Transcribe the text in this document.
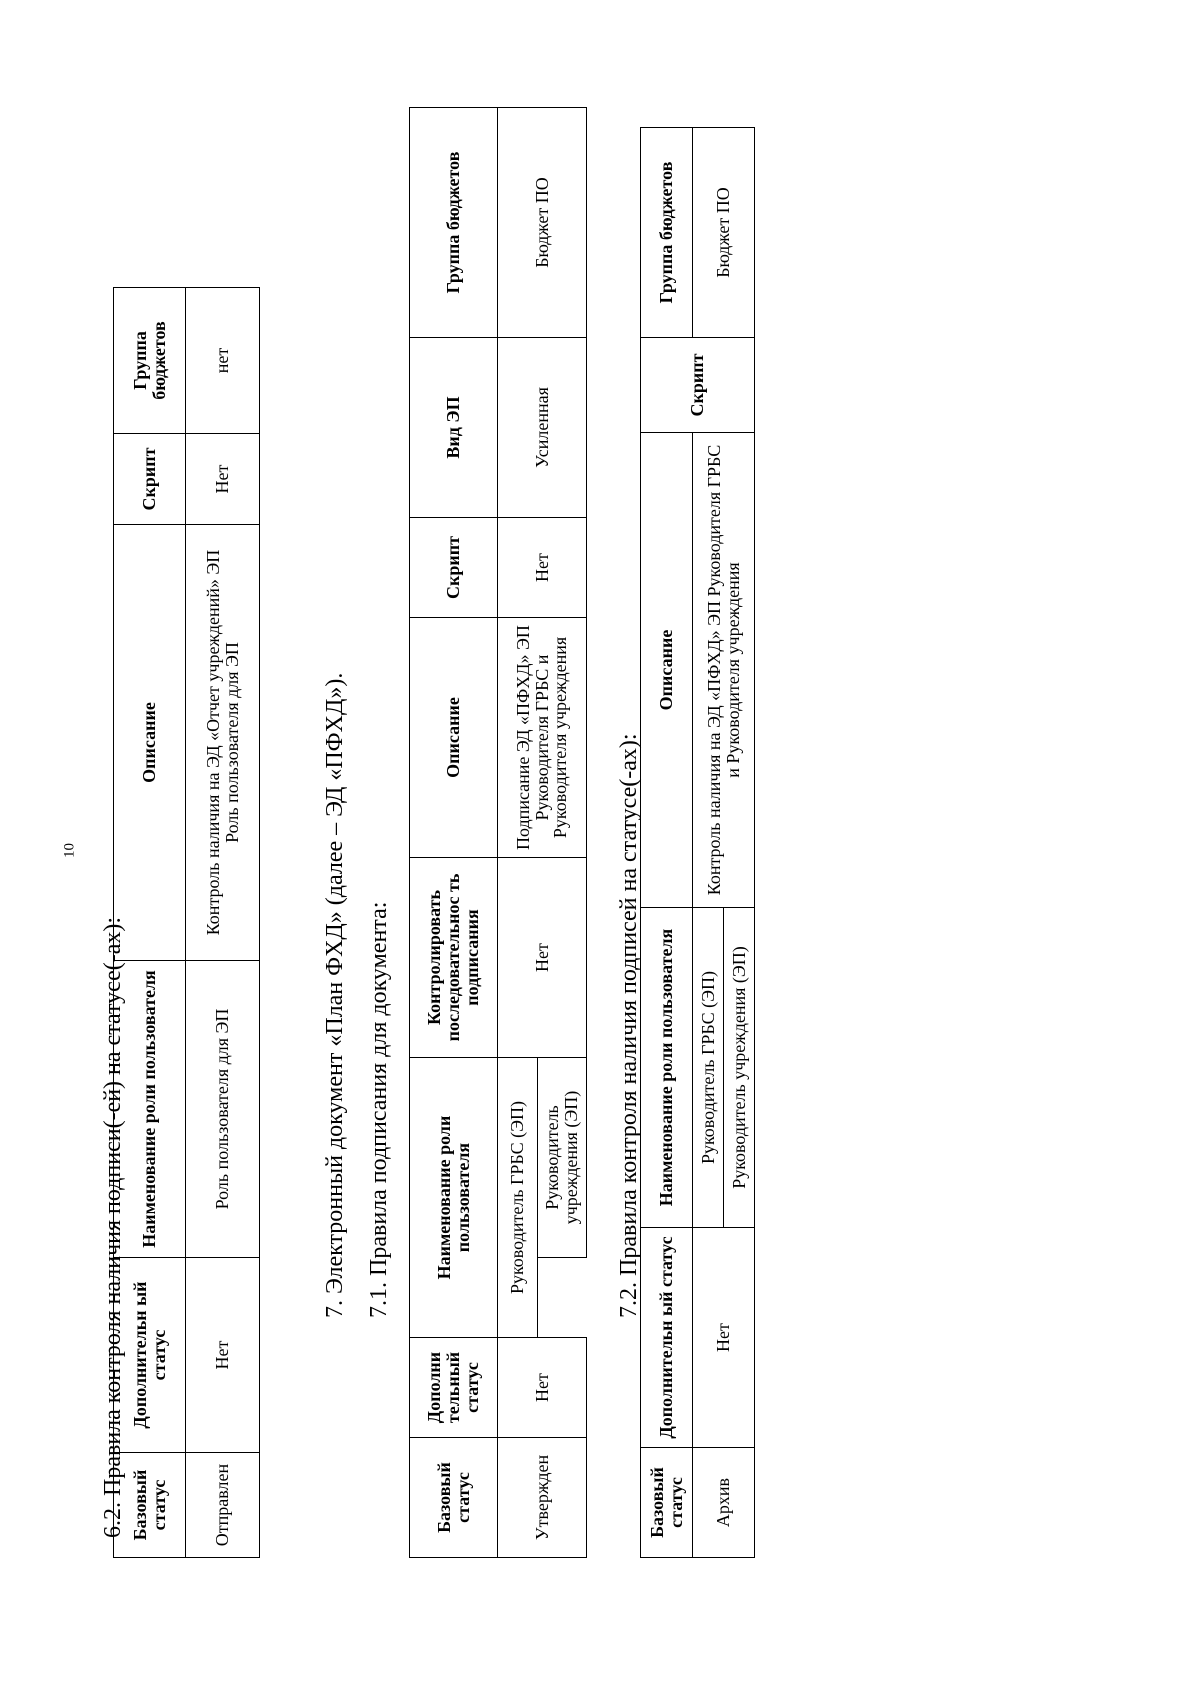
10
6.2. Правила контроля наличия подписи(-ей) на статусе(-ах): Базовый статус	Дополнительн ый статус	Наименование роли пользователя	Описание	Скрипт	Группа бюджетов
Отправлен	Нет	Роль пользователя для ЭП	Контроль наличия на ЭД «Отчет учреждений» ЭП Роль пользователя для ЭП	Нет	нет
7. Электронный документ «План ФХД» (далее – ЭД «ПФХД»). 7.1. Правила подписания для документа:
Базовый статус	Дополни тельный статус	Наименование роли пользователя		Контролировать последовательнос ть подписания	Описание	Скрипт	Вид ЭП	Группа бюджетов
Утвержден	Нет	Руководитель ГРБС (ЭП)		Нет	Подписание ЭД «ПФХД» ЭП Руководителя ГРБС и Руководителя учреждения	Нет	Усиленная	Бюджет ПО
			Руководитель учреждения (ЭП)					7.2. Правила контроля наличия подписей на статусе(-ах):
Базовый статус	Дополнительн ый статус	Наименование роли пользователя	Описание	Скрипт	Группа бюджетов
Архив	Нет	Руководитель ГРБС (ЭП)	Контроль наличия на ЭД «ПФХД» ЭП Руководителя ГРБС и Руководителя учреждения		Бюджет ПО
		Руководитель учреждения (ЭП)			
